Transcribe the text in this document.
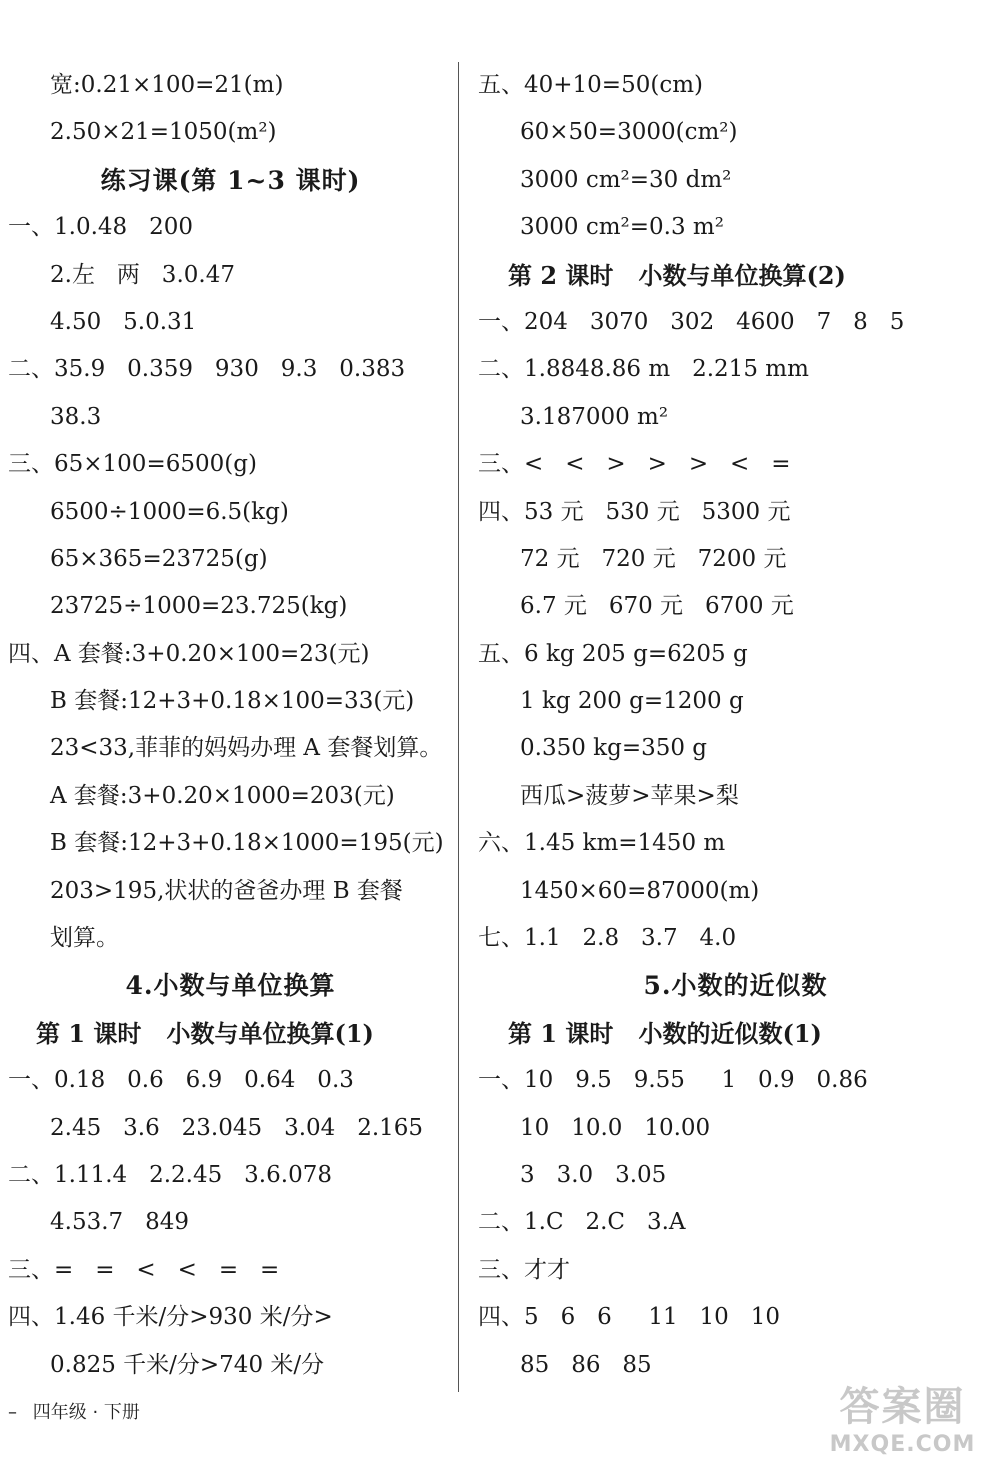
宽:0.21×100=21(m)
2.50×21=1050(m²)
练习课(第 1~3 课时)
一、1.0.48   200
2.左   两   3.0.47
4.50   5.0.31
二、35.9   0.359   930   9.3   0.383
38.3
三、65×100=6500(g)
6500÷1000=6.5(kg)
65×365=23725(g)
23725÷1000=23.725(kg)
四、A 套餐:3+0.20×100=23(元)
B 套餐:12+3+0.18×100=33(元)
23<33,菲菲的妈妈办理 A 套餐划算。
A 套餐:3+0.20×1000=203(元)
B 套餐:12+3+0.18×1000=195(元)
203>195,状状的爸爸办理 B 套餐
划算。
4.小数与单位换算
第 1 课时   小数与单位换算(1)
一、0.18   0.6   6.9   0.64   0.3
2.45   3.6   23.045   3.04   2.165
二、1.11.4   2.2.45   3.6.078
4.53.7   849
三、=   =   <   <   =   =
四、1.46 千米/分>930 米/分>
0.825 千米/分>740 米/分
五、40+10=50(cm)
60×50=3000(cm²)
3000 cm²=30 dm²
3000 cm²=0.3 m²
第 2 课时   小数与单位换算(2)
一、204   3070   302   4600   7   8   5
二、1.8848.86 m   2.215 mm
3.187000 m²
三、<   <   >   >   >   <   =
四、53 元   530 元   5300 元
72 元   720 元   7200 元
6.7 元   670 元   6700 元
五、6 kg 205 g=6205 g
1 kg 200 g=1200 g
0.350 kg=350 g
西瓜>菠萝>苹果>梨
六、1.45 km=1450 m
1450×60=87000(m)
七、1.1   2.8   3.7   4.0
5.小数的近似数
第 1 课时   小数的近似数(1)
一、10   9.5   9.55     1   0.9   0.86
10   10.0   10.00
3   3.0   3.05
二、1.C   2.C   3.A
三、才才
四、5   6   6     11   10   10
85   86   85
– 四年级 · 下册	答案圈
MXQE.COM
